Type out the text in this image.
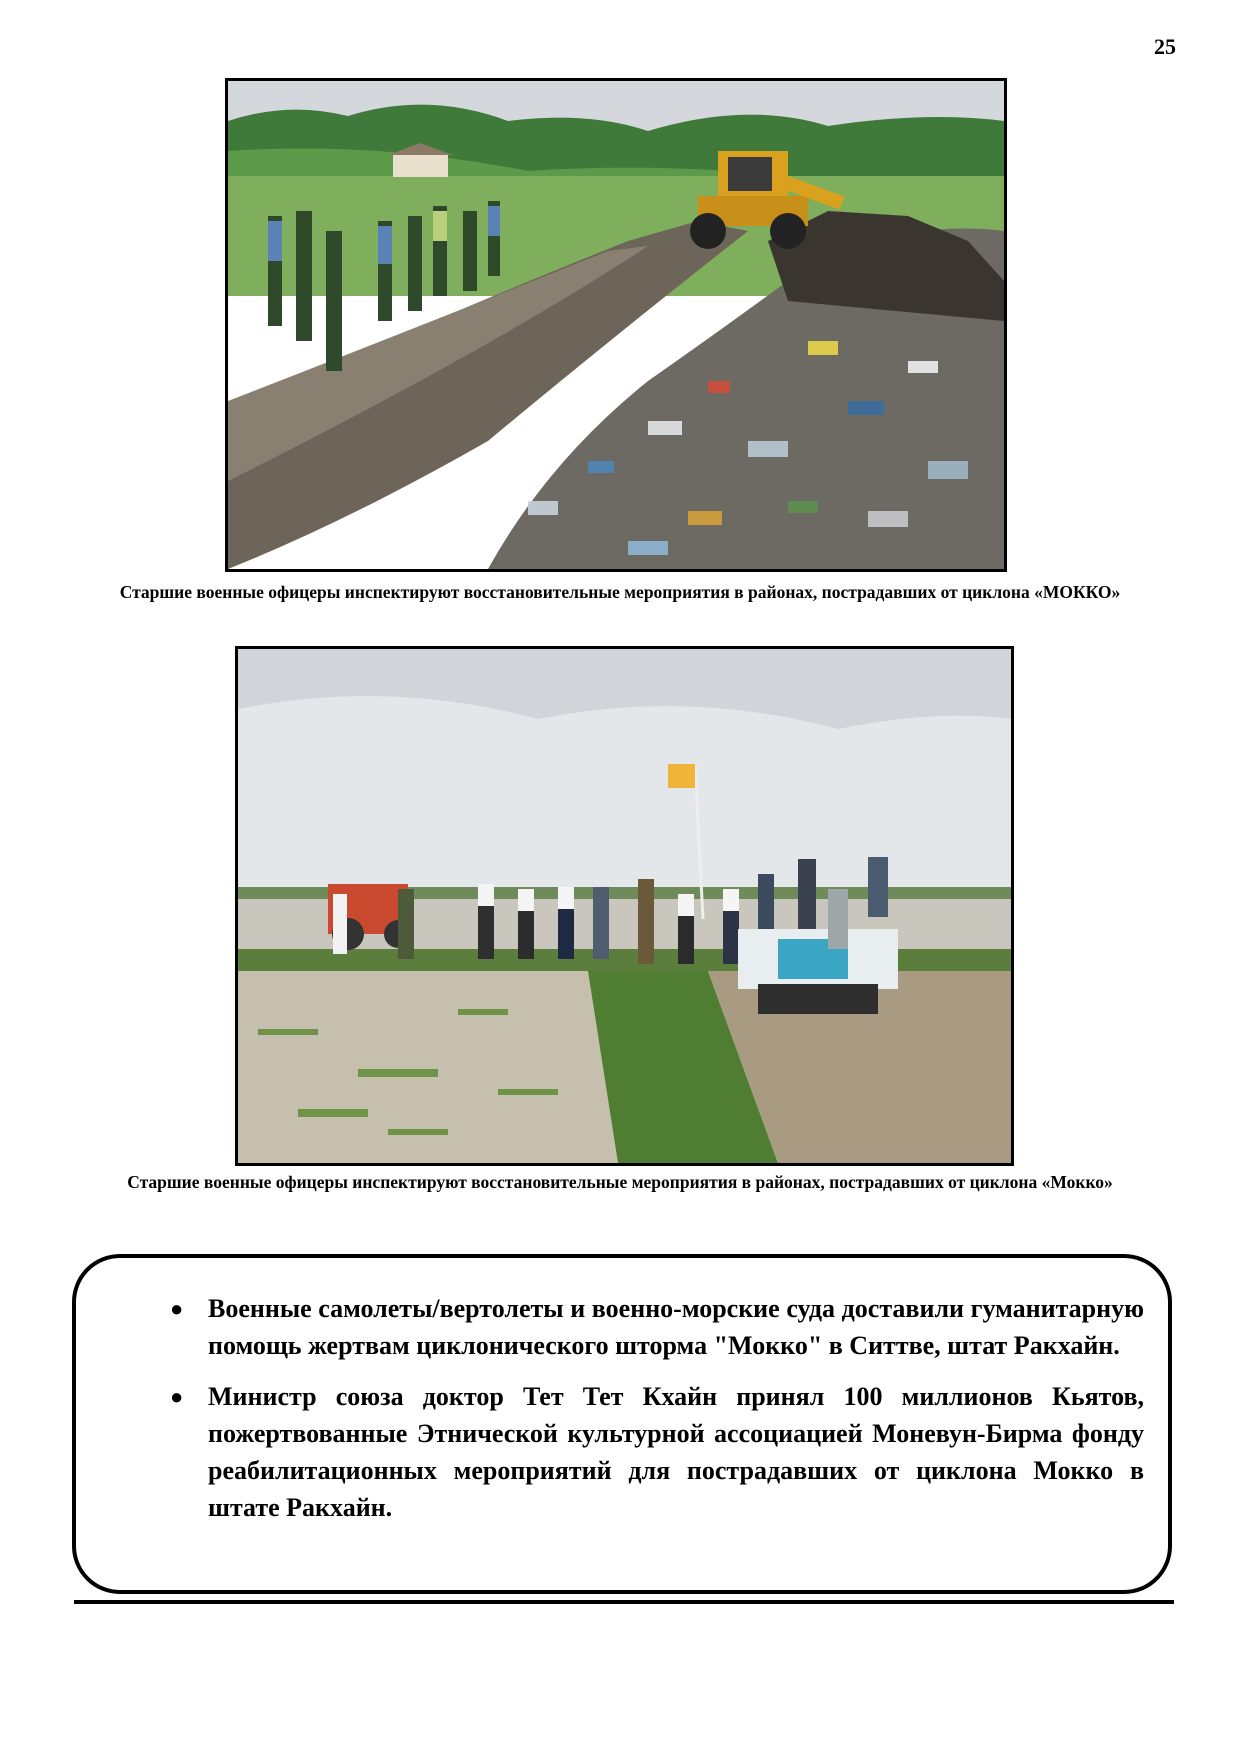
25
Старшие военные офицеры инспектируют восстановительные мероприятия в районах, пострадавших от циклона «МОККО»
Старшие военные офицеры инспектируют восстановительные мероприятия в районах, пострадавших от циклона «Мокко»
● Военные самолеты/вертолеты и военно-морские суда доставили гуманитарную помощь жертвам циклонического шторма "Мокко" в Ситтве, штат Ракхайн.
● Министр союза доктор Тет Тет Кхайн принял 100 миллионов Кьятов, пожертвованные Этнической культурной ассоциацией Моневун-Бирма фонду реабилитационных мероприятий для пострадавших от циклона Мокко в штате Ракхайн.
